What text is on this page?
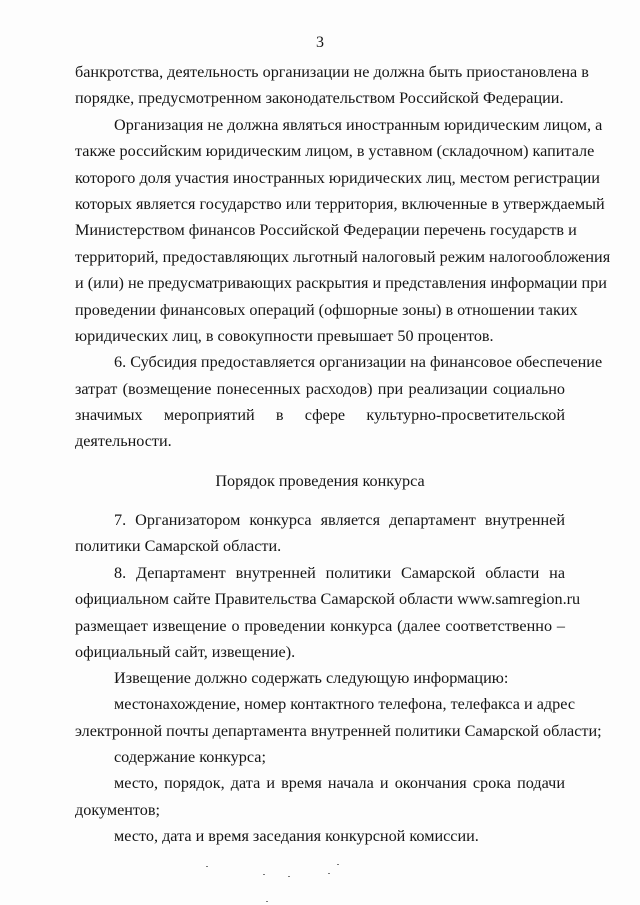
3
банкротства, деятельность организации не должна быть приостановлена в
порядке, предусмотренном законодательством Российской Федерации.
Организация не должна являться иностранным юридическим лицом, а
также российским юридическим лицом, в уставном (складочном) капитале
которого доля участия иностранных юридических лиц, местом регистрации
которых является государство или территория, включенные в утверждаемый
Министерством финансов Российской Федерации перечень государств и
территорий, предоставляющих льготный налоговый режим налогообложения
и (или) не предусматривающих раскрытия и представления информации при
проведении финансовых операций (офшорные зоны) в отношении таких
юридических лиц, в совокупности превышает 50 процентов.
6. Субсидия предоставляется организации на финансовое обеспечение
затрат (возмещение понесенных расходов) при реализации социально
значимых мероприятий в сфере культурно-просветительской
деятельности.
Порядок проведения конкурса
7. Организатором конкурса является департамент внутренней
политики Самарской области.
8. Департамент внутренней политики Самарской области на
официальном сайте Правительства Самарской области www.samregion.ru
размещает извещение о проведении конкурса (далее соответственно –
официальный сайт, извещение).
Извещение должно содержать следующую информацию:
местонахождение, номер контактного телефона, телефакса и адрес
электронной почты департамента внутренней политики Самарской области;
содержание конкурса;
место, порядок, дата и время начала и окончания срока подачи
документов;
место, дата и время заседания конкурсной комиссии.
